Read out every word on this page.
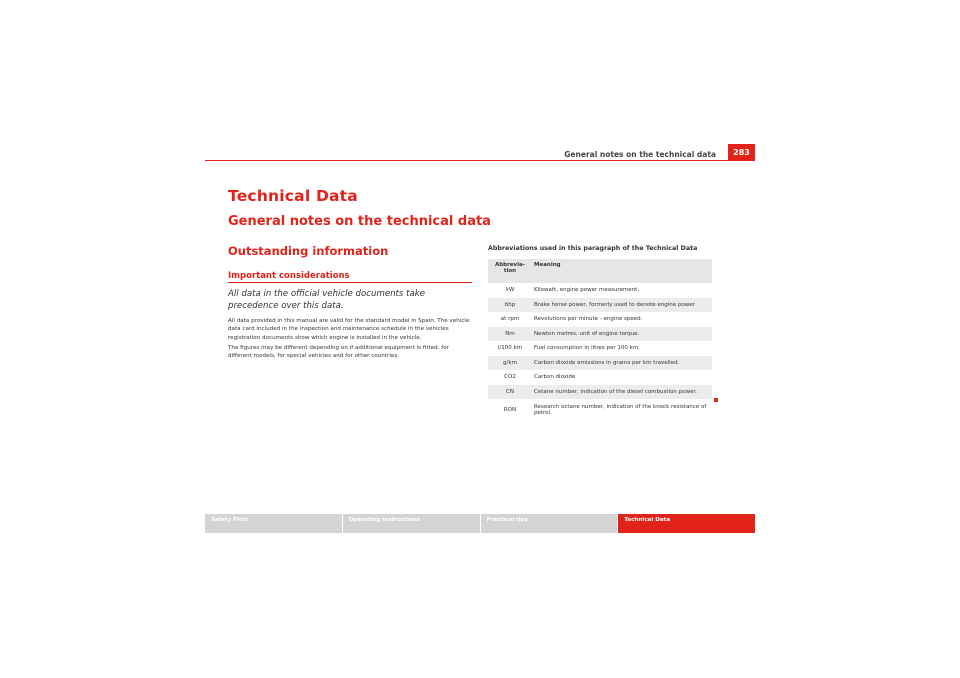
General notes on the technical data	283
Technical Data
General notes on the technical data
Outstanding information
Important considerations
All data in the official vehicle documents take precedence over this data.

All data provided in this manual are valid for the standard model in Spain. The vehicle data card included in the inspection and maintenance schedule in the vehicles registration documents show which engine is installed in the vehicle.

The figures may be different depending on if additional equipment is fitted, for different models, for special vehicles and for other countries.

Abbreviations used in this paragraph of the Technical Data
Abbrevia-
tion	Meaning
kW	Kilowatt, engine power measurement.
bhp	Brake horse power, formerly used to denote engine power
at rpm	Revolutions per minute - engine speed.
Nm	Newton metres, unit of engine torque.
l/100 km	Fuel consumption in litres per 100 km.
g/km	Carbon dioxide emissions in grams per km travelled.
CO2	Carbon dioxide
CN	Cetane number, indication of the diesel combustion power.
RON	Research octane number, indication of the knock resistance of petrol.
Safety First	Operating instructions	Practical tips	Technical Data
